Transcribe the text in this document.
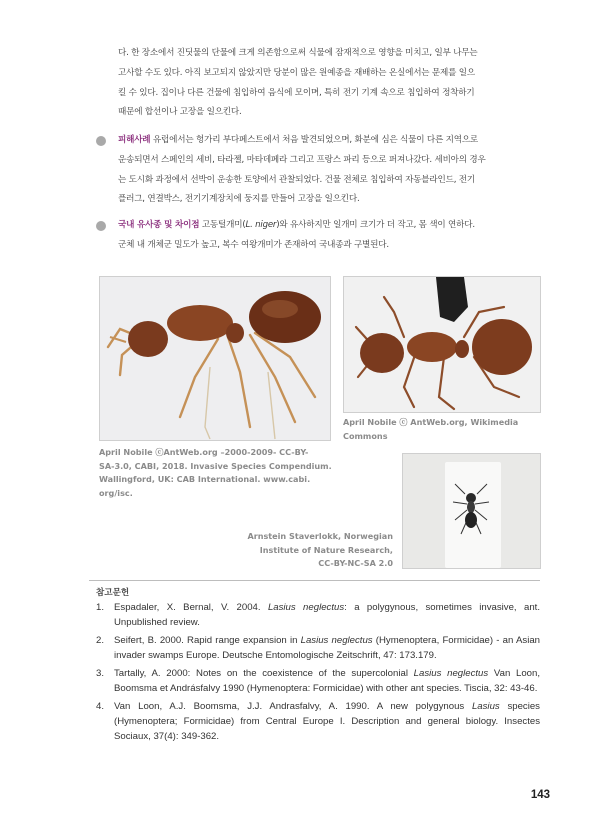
다. 한 장소에서 진딧물의 단물에 크게 의존함으로써 식물에 잠재적으로 영향을 미치고, 일부 나무는
고사할 수도 있다. 아직 보고되지 않았지만 당분이 많은 원예종을 재배하는 온실에서는 문제를 일으
킬 수 있다. 집이나 다른 건물에 침입하여 음식에 모이며, 특히 전기 기계 속으로 침입하여 정착하기
때문에 합선이나 고장을 일으킨다.
피해사례 유럽에서는 헝가리 부다페스트에서 처음 발견되었으며, 화분에 심은 식물이 다른 지역으로
운송되면서 스페인의 세비, 타라젤, 마타데페라 그리고 프랑스 파리 등으로 퍼져나갔다. 세비아의 경우
는 도시화 과정에서 선박이 운송한 토양에서 관찰되었다. 건물 전체로 침입하여 자동블라인드, 전기
플러그, 연결박스, 전기기계장치에 둥지를 만들어 고장을 일으킨다.
국내 유사종 및 차이점 고동털개미(L. niger)와 유사하지만 일개미 크기가 더 작고, 몸 색이 연하다.
군체 내 개체군 밀도가 높고, 복수 여왕개미가 존재하여 국내종과 구별된다.
April Nobile ⓒ AntWeb.org, Wikimedia
Commons
April Nobile ⓒAntWeb.org –2000-2009- CC-BY-
SA-3.0, CABI, 2018. Invasive Species Compendium.
Wallingford, UK: CAB International. www.cabi.
org/isc.
Arnstein Staverlokk, Norwegian
Institute of Nature Research,
CC-BY-NC-SA 2.0
참고문헌
1. Espadaler, X. Bernal, V. 2004. Lasius neglectus: a polygynous, sometimes invasive, ant. Unpublished review.
2. Seifert, B. 2000. Rapid range expansion in Lasius neglectus (Hymenoptera, Formicidae) - an Asian invader swamps Europe. Deutsche Entomologische Zeitschrift, 47: 173.179.
3. Tartally, A. 2000: Notes on the coexistence of the supercolonial Lasius neglectus Van Loon, Boomsma et Andrásfalvy 1990 (Hymenoptera: Formicidae) with other ant species. Tiscia, 32: 43-46.
4. Van Loon, A.J. Boomsma, J.J. Andrasfalvy, A. 1990. A new polygynous Lasius species (Hymenoptera; Formicidae) from Central Europe I. Description and general biology. Insectes Sociaux, 37(4): 349-362.
143
